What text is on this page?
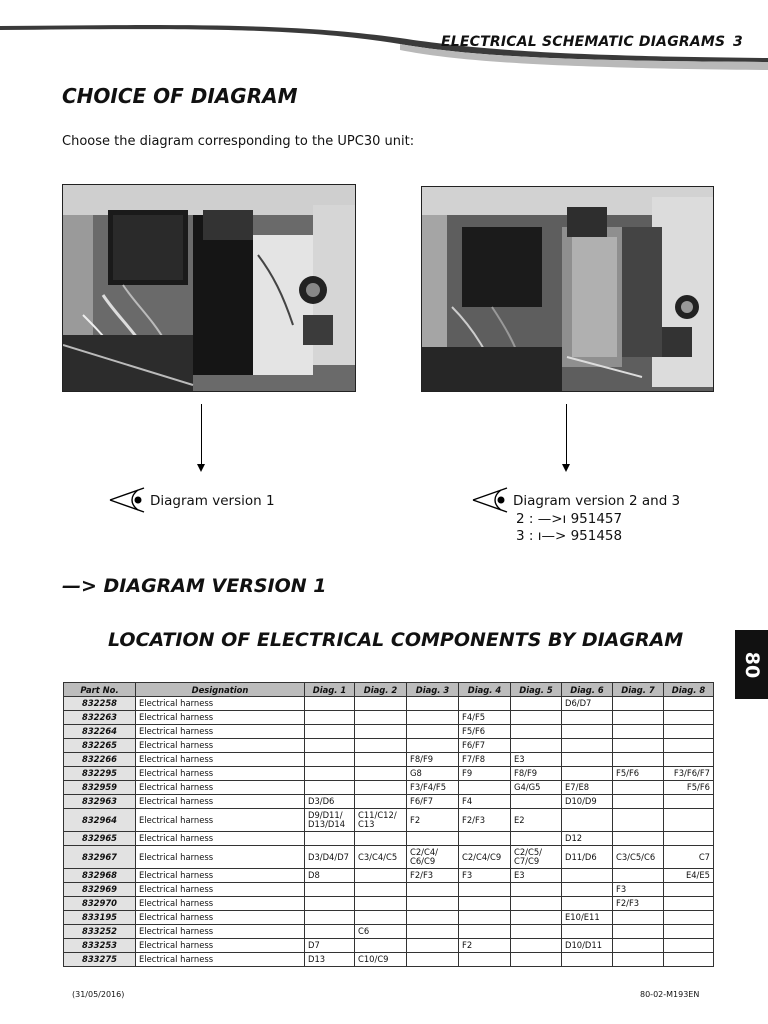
ELECTRICAL SCHEMATIC DIAGRAMS 3
CHOICE OF DIAGRAM
Choose the diagram corresponding to the UPC30 unit:
Diagram version 1	Diagram version 2 and 3
2 : —>ı 951457
3 : ı—> 951458
—> DIAGRAM VERSION 1
LOCATION OF ELECTRICAL COMPONENTS BY DIAGRAM
80
Part No.	Designation	Diag. 1	Diag. 2	Diag. 3	Diag. 4	Diag. 5	Diag. 6	Diag. 7	Diag. 8
832258	Electrical harness						D6/D7		
832263	Electrical harness				F4/F5				
832264	Electrical harness				F5/F6				
832265	Electrical harness				F6/F7				
832266	Electrical harness			F8/F9	F7/F8	E3			
832295	Electrical harness			G8	F9	F8/F9		F5/F6	F3/F6/F7
832959	Electrical harness			F3/F4/F5		G4/G5	E7/E8		F5/F6
832963	Electrical harness	D3/D6		F6/F7	F4		D10/D9		
832964	Electrical harness	D9/D11/ D13/D14	C11/C12/ C13	F2	F2/F3	E2			
832965	Electrical harness						D12		
832967	Electrical harness	D3/D4/D7	C3/C4/C5	C2/C4/ C6/C9	C2/C4/C9	C2/C5/ C7/C9	D11/D6	C3/C5/C6	C7
832968	Electrical harness	D8		F2/F3	F3	E3			E4/E5
832969	Electrical harness							F3	
832970	Electrical harness							F2/F3	
833195	Electrical harness						E10/E11		
833252	Electrical harness		C6						
833253	Electrical harness	D7			F2		D10/D11		
833275	Electrical harness	D13	C10/C9						
(31/05/2016)	80-02-M193EN
